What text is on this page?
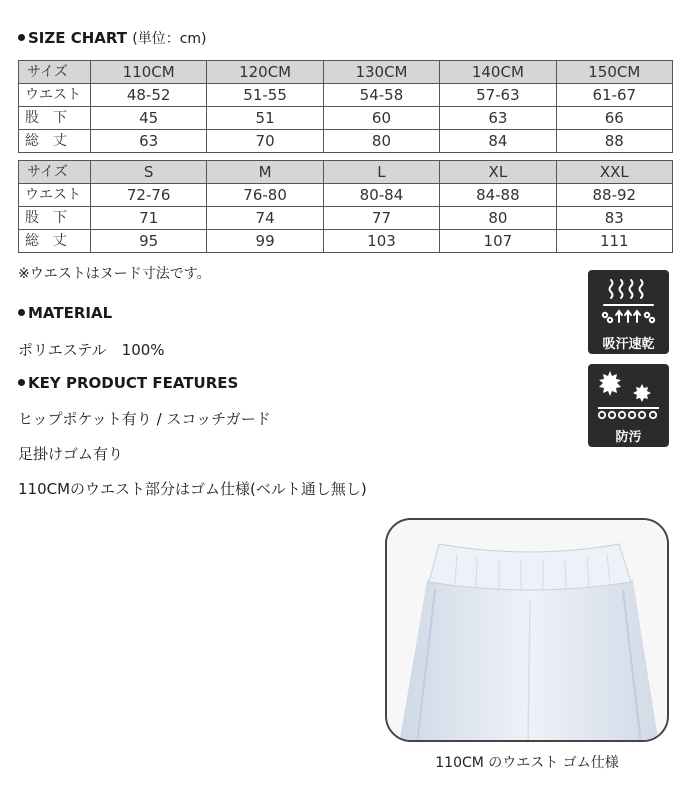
SIZE CHART (単位：cm)
サイズ	110CM	120CM	130CM	140CM	150CM
ウエスト	48-52	51-55	54-58	57-63	61-67
股　下	45	51	60	63	66
総　丈	63	70	80	84	88
サイズ	S	M	L	XL	XXL
ウエスト	72-76	76-80	80-84	84-88	88-92
股　下	71	74	77	80	83
総　丈	95	99	103	107	111
※ウエストはヌード寸法です。
MATERIAL
ポリエステル　100%
KEY PRODUCT FEATURES
ヒップポケット有り / スコッチガード
足掛けゴム有り
110CMのウエスト部分はゴム仕様(ベルト通し無し)
吸汗速乾
防汚
110CM のウエスト ゴム仕様
